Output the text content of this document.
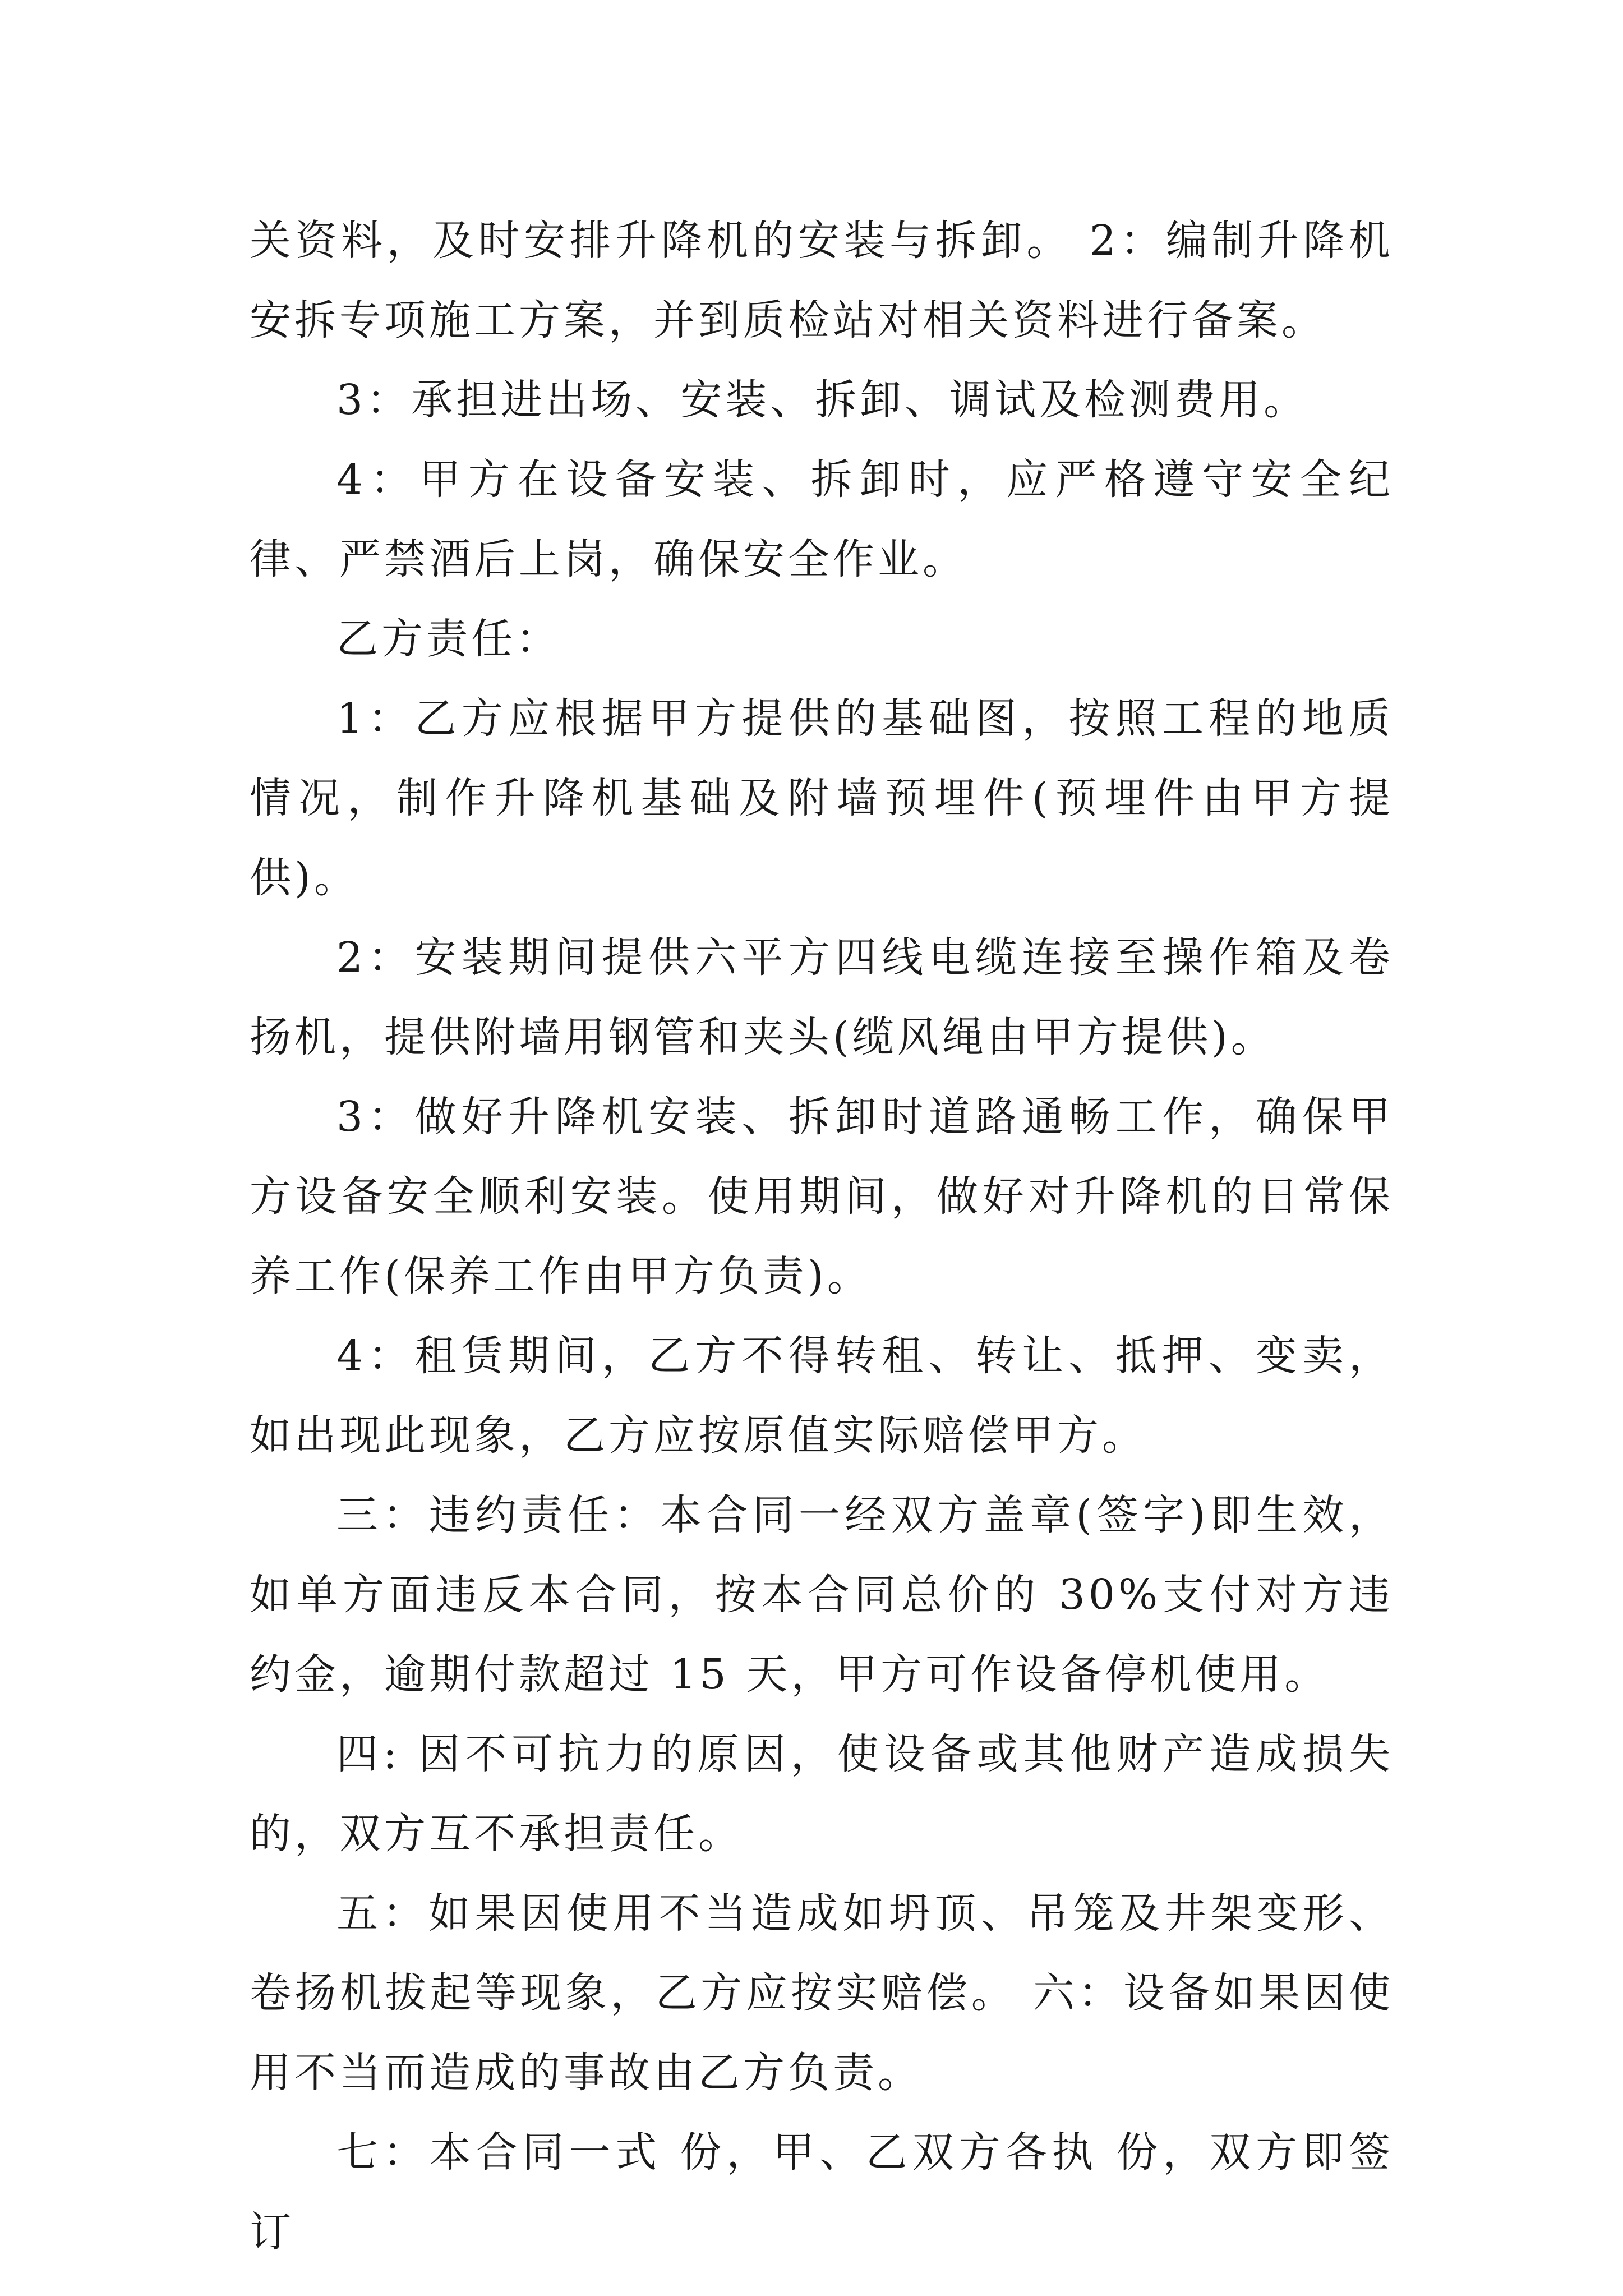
关资料，及时安排升降机的安装与拆卸。 2：编制升降机安拆专项施工方案，并到质检站对相关资料进行备案。

3：承担进出场、安装、拆卸、调试及检测费用。

4：甲方在设备安装、拆卸时，应严格遵守安全纪律、严禁酒后上岗，确保安全作业。

乙方责任：

1：乙方应根据甲方提供的基础图，按照工程的地质情况，制作升降机基础及附墙预埋件(预埋件由甲方提供)。

2：安装期间提供六平方四线电缆连接至操作箱及卷扬机，提供附墙用钢管和夹头(缆风绳由甲方提供)。

3：做好升降机安装、拆卸时道路通畅工作，确保甲方设备安全顺利安装。使用期间，做好对升降机的日常保养工作(保养工作由甲方负责)。

4：租赁期间，乙方不得转租、转让、抵押、变卖，如出现此现象，乙方应按原值实际赔偿甲方。

三：违约责任：本合同一经双方盖章(签字)即生效，如单方面违反本合同，按本合同总价的 30%支付对方违约金，逾期付款超过 15 天，甲方可作设备停机使用。

四: 因不可抗力的原因，使设备或其他财产造成损失的，双方互不承担责任。

五：如果因使用不当造成如坍顶、吊笼及井架变形、卷扬机拔起等现象，乙方应按实赔偿。 六：设备如果因使用不当而造成的事故由乙方负责。

七：本合同一式 份，甲、乙双方各执 份，双方即签订
